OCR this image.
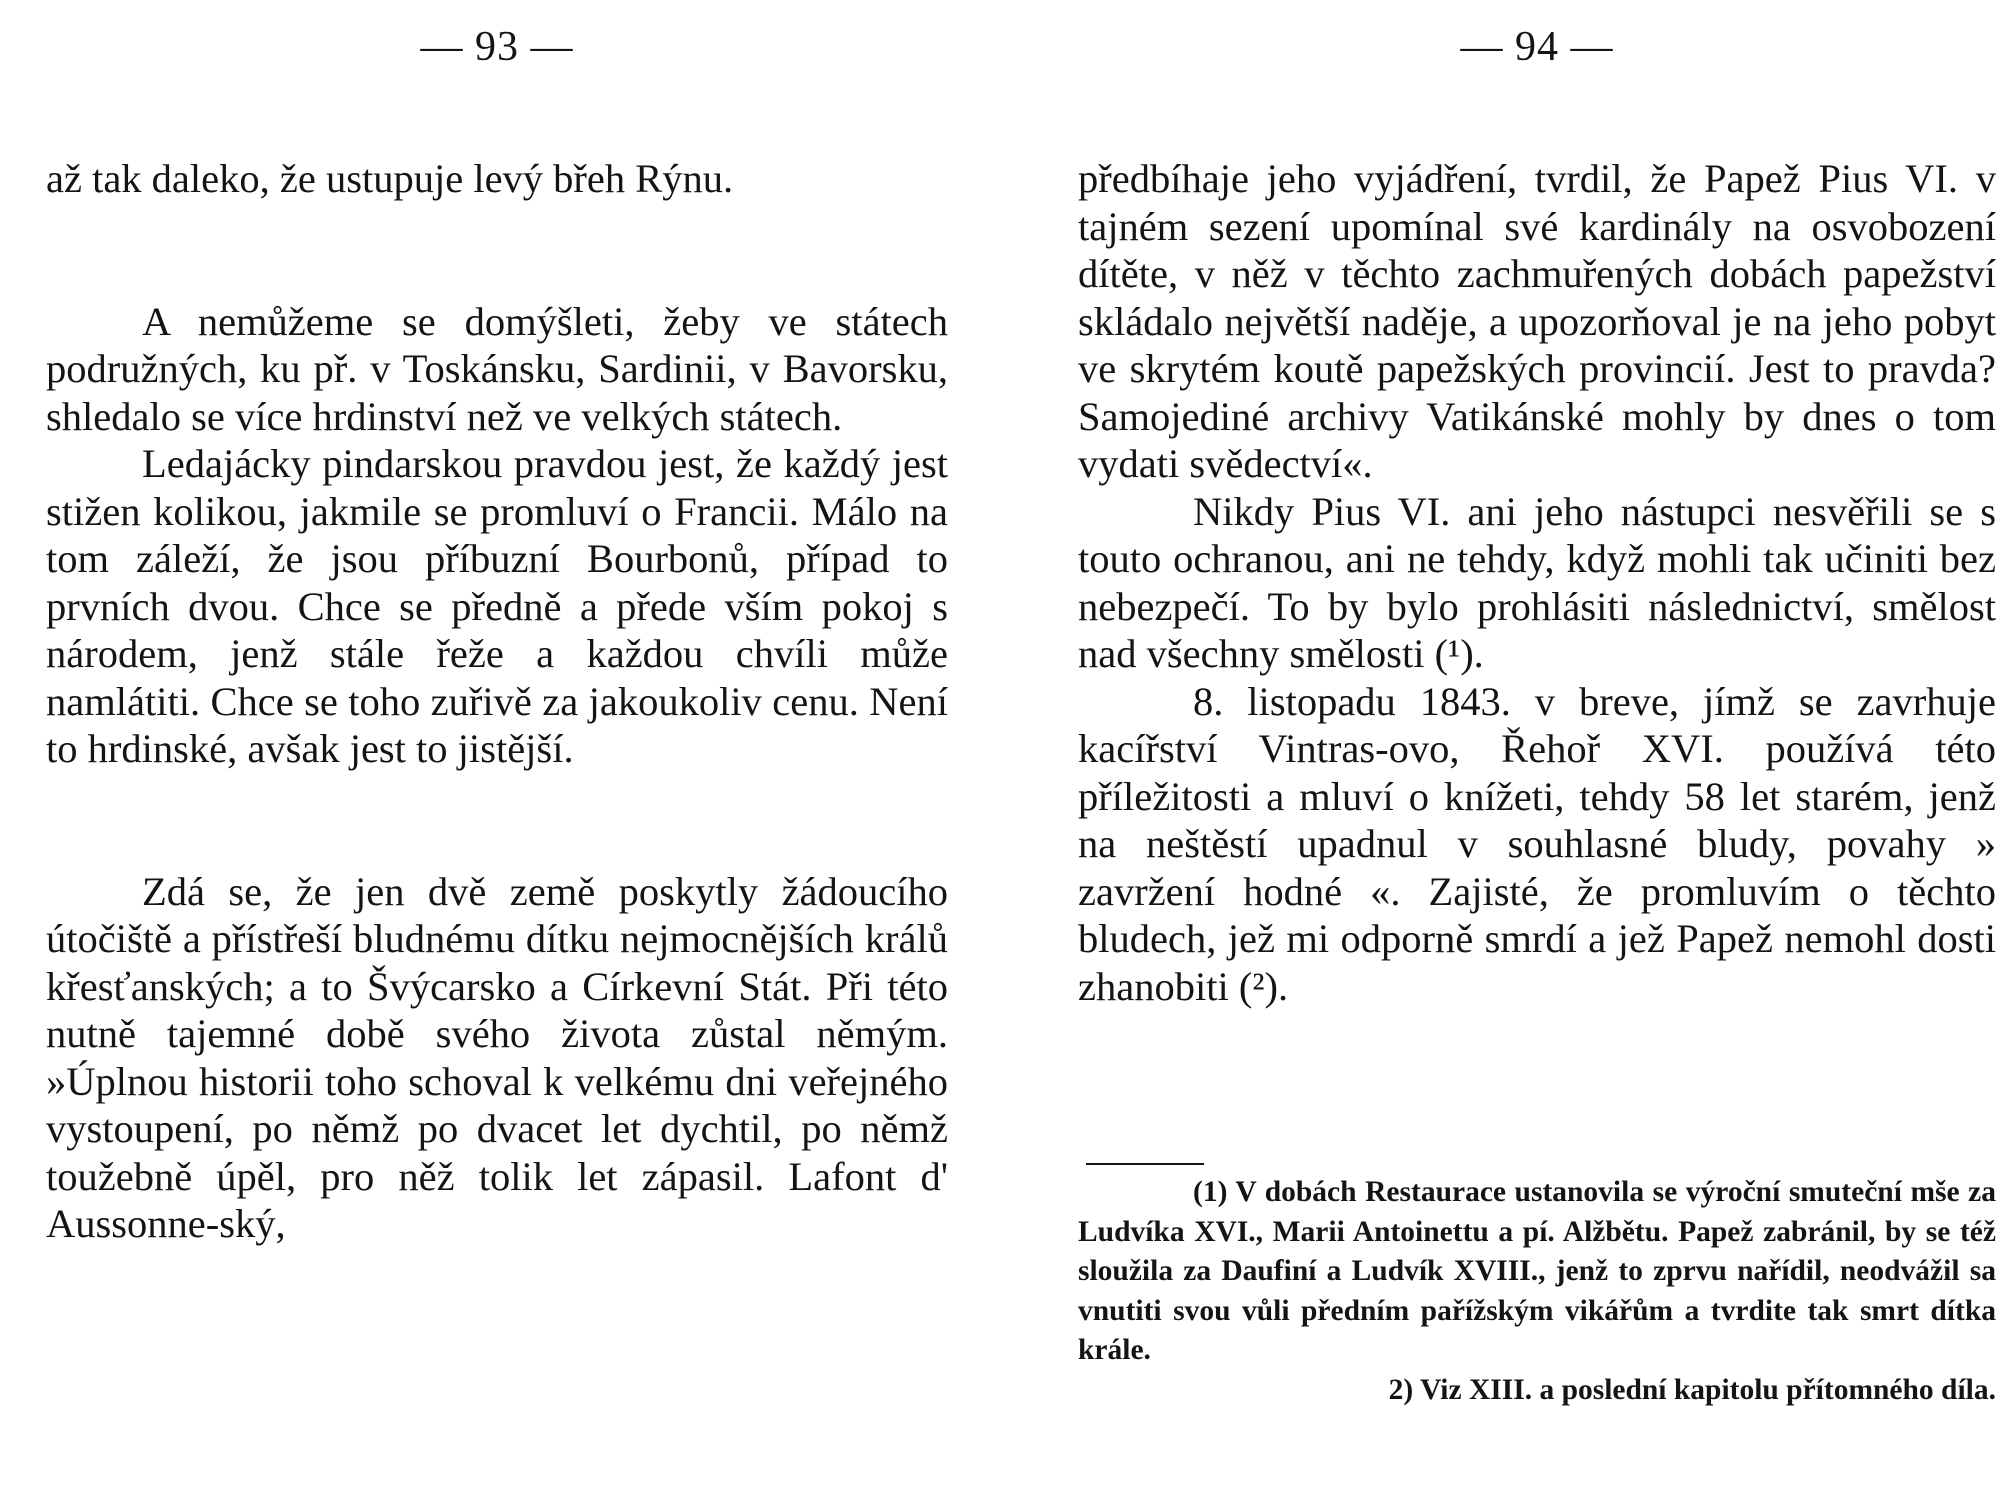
— 93 —

až tak daleko, že ustupuje levý břeh Rýnu.

A nemůžeme se domýšleti, žeby ve státech podružných, ku př. v Toskánsku, Sardinii, v Bavorsku, shledalo se více hrdinství než ve velkých státech.

Ledajácky pindarskou pravdou jest, že každý jest stižen kolikou, jakmile se promluví o Francii. Málo na tom záleží, že jsou příbuzní Bourbonů, případ to prvních dvou. Chce se předně a přede vším pokoj s národem, jenž stále řeže a každou chvíli může namlátiti. Chce se toho zuřivě za jakoukoliv cenu. Není to hrdinské, avšak jest to jistější.

Zdá se, že jen dvě země poskytly žádoucího útočiště a přístřeší bludnému dítku nejmocnějších králů křesťanských; a to Švýcarsko a Církevní Stát. Při této nutně tajemné době svého života zůstal němým. »Úplnou historii toho schoval k velkému dni veřejného vystoupení, po němž po dvacet let dychtil, po němž toužebně úpěl, pro něž tolik let zápasil. Lafont d' Aussonne-ský,

— 94 —

předbíhaje jeho vyjádření, tvrdil, že Papež Pius VI. v tajném sezení upomínal své kardinály na osvobození dítěte, v něž v těchto zachmuřených dobách papežství skládalo největší naděje, a upozorňoval je na jeho pobyt ve skrytém koutě papežských provincií. Jest to pravda? Samojediné archivy Vatikánské mohly by dnes o tom vydati svědectví«.

Nikdy Pius VI. ani jeho nástupci nesvěřili se s touto ochranou, ani ne tehdy, když mohli tak učiniti bez nebezpečí. To by bylo prohlásiti následnictví, smělost nad všechny smělosti (¹).

8. listopadu 1843. v breve, jímž se zavrhuje kacířství Vintras-ovo, Řehoř XVI. používá této příležitosti a mluví o knížeti, tehdy 58 let starém, jenž na neštěstí upadnul v souhlasné bludy, povahy » zavržení hodné «. Zajisté, že promluvím o těchto bludech, jež mi odporně smrdí a jež Papež nemohl dosti zhanobiti (²).

(1) V dobách Restaurace ustanovila se výroční smuteční mše za Ludvíka XVI., Marii Antoinettu a pí. Alžbětu. Papež zabránil, by se též sloužila za Daufiní a Ludvík XVIII., jenž to zprvu nařídil, neodvážil sa vnutiti svou vůli předním pařížským vikářům a tvrdite tak smrt dítka krále.

2) Viz XIII. a poslední kapitolu přítomného díla.
